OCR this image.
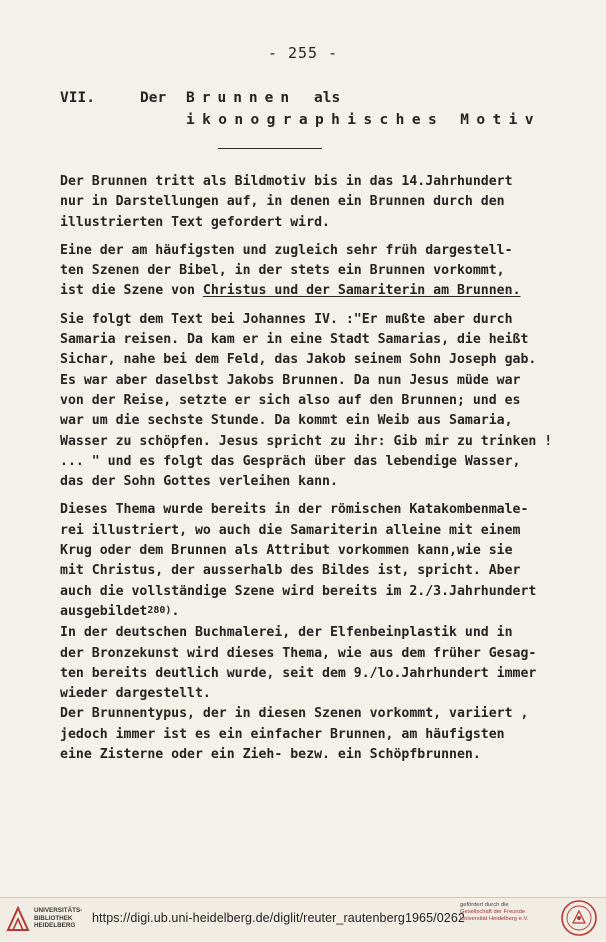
- 255 -
VII.	Der	Brunnen	als
ikonographisches Motiv
Der Brunnen tritt als Bildmotiv bis in das 14.Jahrhundert
nur in Darstellungen auf, in denen ein Brunnen durch den
illustrierten Text gefordert wird.
Eine der am häufigsten und zugleich sehr früh dargestell-
ten Szenen der Bibel, in der stets ein Brunnen vorkommt,
ist die Szene von Christus und der Samariterin am Brunnen.
Sie folgt dem Text bei Johannes IV. :"Er mußte aber durch
Samaria reisen. Da kam er in eine Stadt Samarias, die heißt
Sichar, nahe bei dem Feld, das Jakob seinem Sohn Joseph gab.
Es war aber daselbst Jakobs Brunnen. Da nun Jesus müde war
von der Reise, setzte er sich also auf den Brunnen; und es
war um die sechste Stunde. Da kommt ein Weib aus Samaria,
Wasser zu schöpfen. Jesus spricht zu ihr: Gib mir zu trinken !
... " und es folgt das Gespräch über das lebendige Wasser,
das der Sohn Gottes verleihen kann.
Dieses Thema wurde bereits in der römischen Katakombenmale-
rei illustriert, wo auch die Samariterin alleine mit einem
Krug oder dem Brunnen als Attribut vorkommen kann,wie sie
mit Christus, der ausserhalb des Bildes ist, spricht. Aber
auch die vollständige Szene wird bereits im 2./3.Jahrhundert
ausgebildet$^{280)}$.
In der deutschen Buchmalerei, der Elfenbeinplastik und in
der Bronzekunst wird dieses Thema, wie aus dem früher Gesag-
ten bereits deutlich wurde, seit dem 9./lo.Jahrhundert immer
wieder dargestellt.
Der Brunnentypus, der in diesen Szenen vorkommt, variiert ,
jedoch immer ist es ein einfacher Brunnen, am häufigsten
eine Zisterne oder ein Zieh- bezw. ein Schöpfbrunnen.
UNIVERSITÄTS-
BIBLIOTHEK
HEIDELBERG
https://digi.ub.uni-heidelberg.de/diglit/reuter_rautenberg1965/0262
gefördert durch die
Gesellschaft der Freunde
Universität Heidelberg e.V.
